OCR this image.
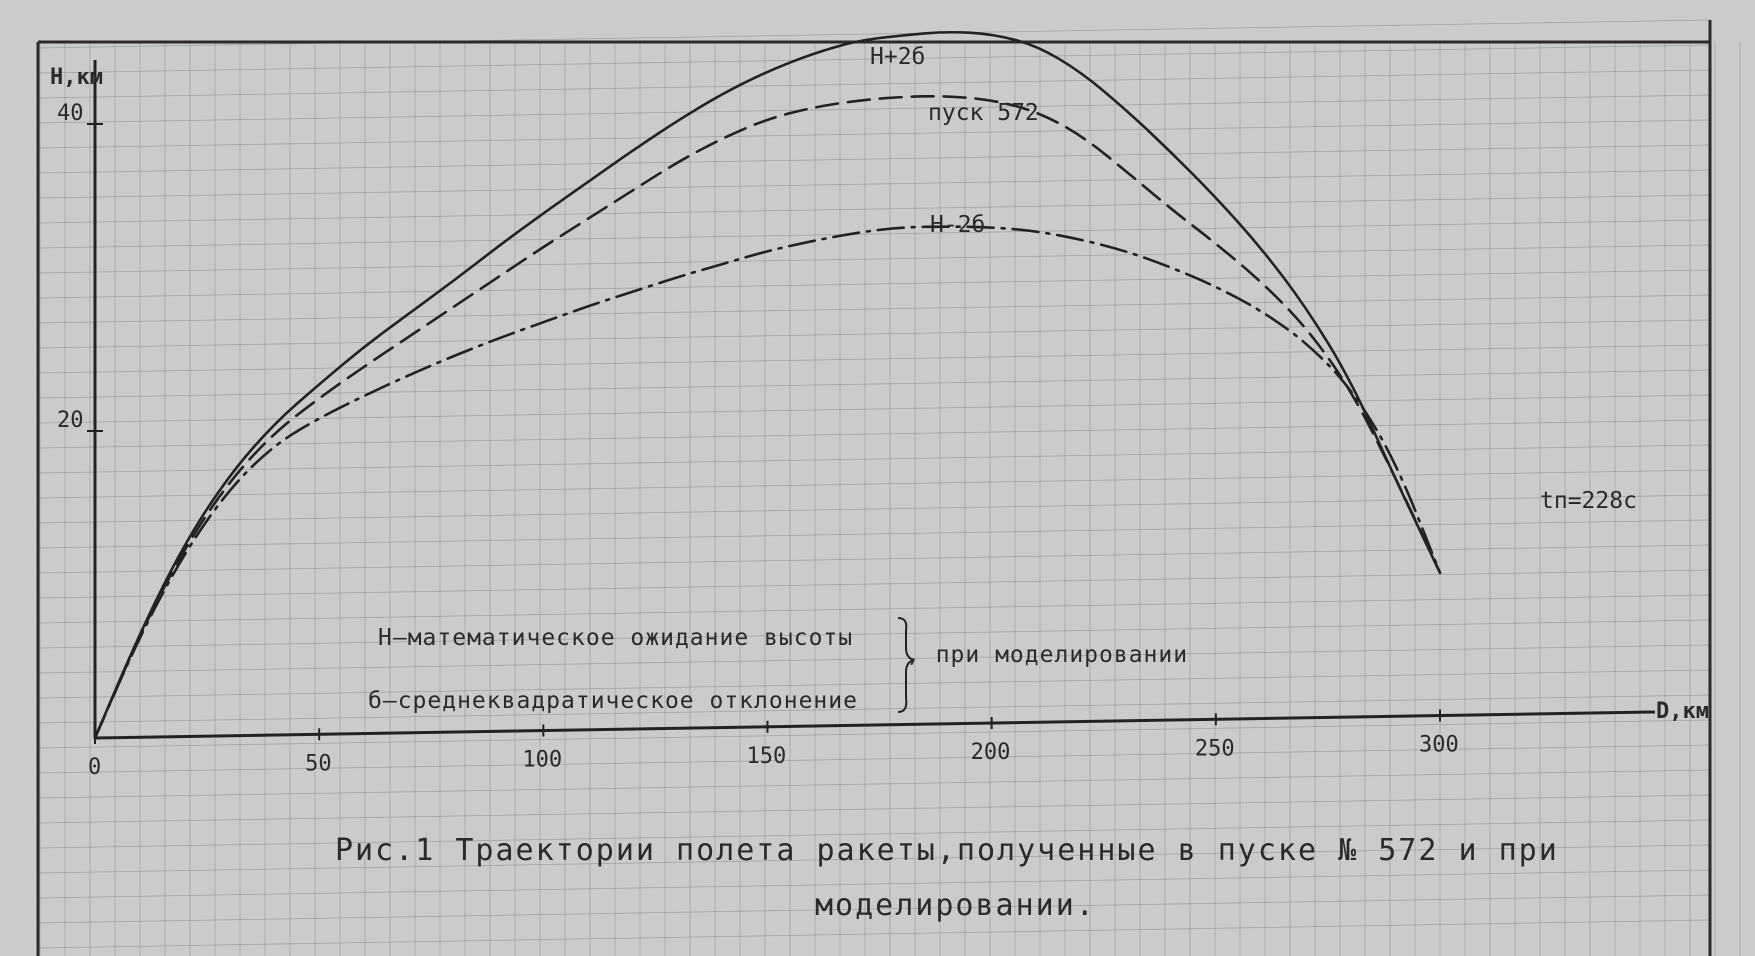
0	50	100	150	200	250	300
20
40
H,км
D,км
H+2б
пуск 572
H-2б
tп=228с
H–математическое ожидание высоты
б–среднеквадратическое отклонение
, при моделировании
Рис.1 Траектории полета ракеты,полученные в пуске № 572 и при
моделировании.
